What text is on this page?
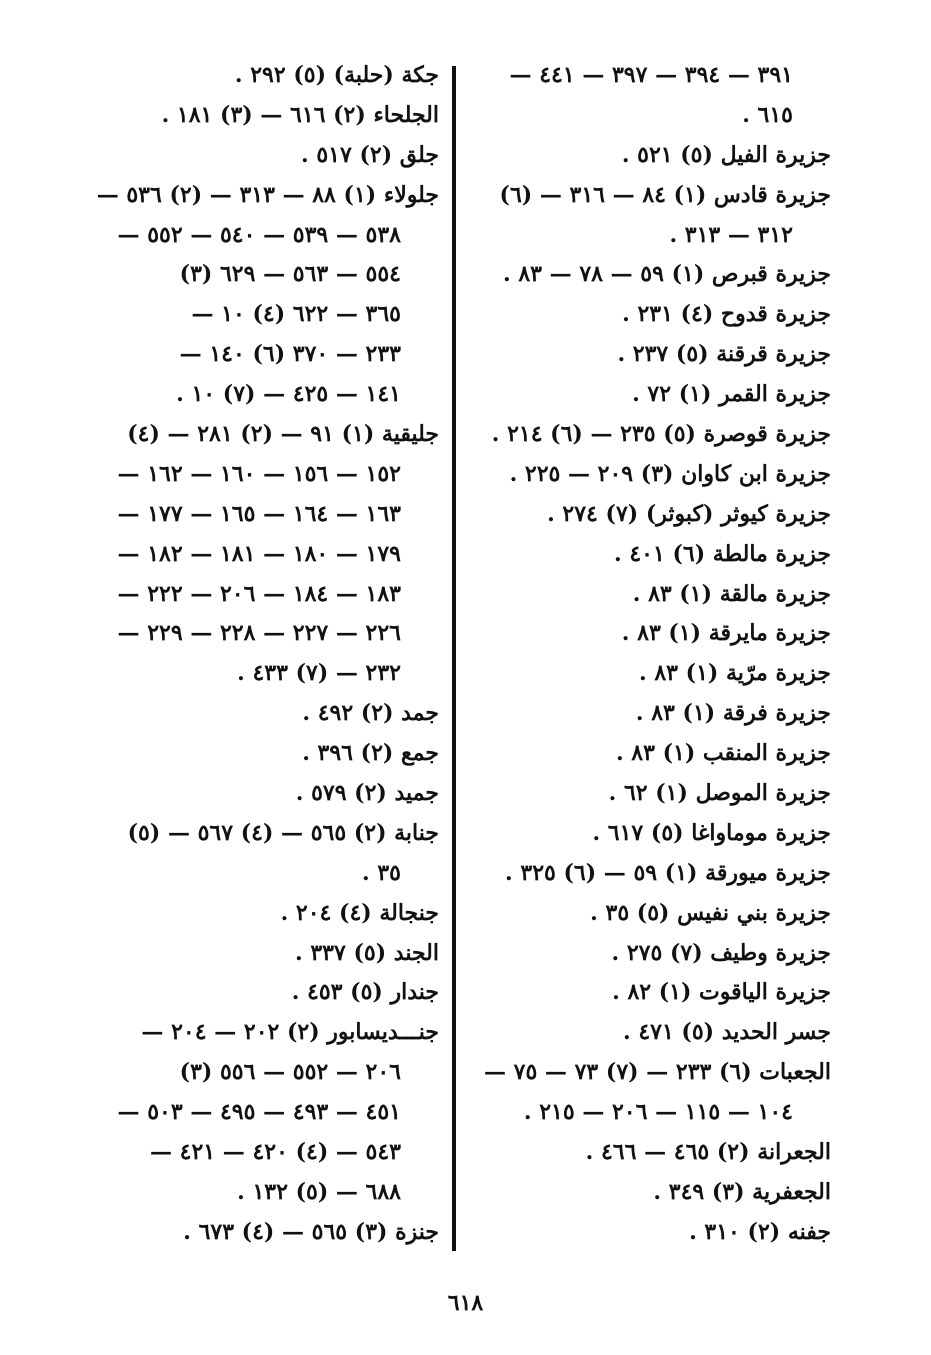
٣٩١ — ٣٩٤ — ٣٩٧ — ٤٤١ —
٦١٥ .
جزيرة الفيل (٥) ٥٢١ .
جزيرة قادس (١) ٨٤ — ٣١٦ — (٦)
٣١٢ — ٣١٣ .
جزيرة قبرص (١) ٥٩ — ٧٨ — ٨٣ .
جزيرة قدوح (٤) ٢٣١ .
جزيرة قرقنة (٥) ٢٣٧ .
جزيرة القمر (١) ٧٢ .
جزيرة قوصرة (٥) ٢٣٥ — (٦) ٢١٤ .
جزيرة ابن كاوان (٣) ٢٠٩ — ٢٢٥ .
جزيرة كيوثر (كبوثر) (٧) ٢٧٤ .
جزيرة مالطة (٦) ٤٠١ .
جزيرة مالقة (١) ٨٣ .
جزيرة مايرقة (١) ٨٣ .
جزيرة مرّية (١) ٨٣ .
جزيرة فرقة (١) ٨٣ .
جزيرة المنقب (١) ٨٣ .
جزيرة الموصل (١) ٦٢ .
جزيرة موماواغا (٥) ٦١٧ .
جزيرة ميورقة (١) ٥٩ — (٦) ٣٢٥ .
جزيرة بني نفيس (٥) ٣٥ .
جزيرة وطيف (٧) ٢٧٥ .
جزيرة الياقوت (١) ٨٢ .
جسر الحديد (٥) ٤٧١ .
الجعبات (٦) ٢٣٣ — (٧) ٧٣ — ٧٥ —
١٠٤ — ١١٥ — ٢٠٦ — ٢١٥ .
الجعرانة (٢) ٤٦٥ — ٤٦٦ .
الجعفرية (٣) ٣٤٩ .
جفنه (٢) ٣١٠ .
جكة (حلبة) (٥) ٢٩٢ .
الجلحاء (٢) ٦١٦ — (٣) ١٨١ .
جلق (٢) ٥١٧ .
جلولاء (١) ٨٨ — ٣١٣ — (٢) ٥٣٦ —
٥٣٨ — ٥٣٩ — ٥٤٠ — ٥٥٢ —
٥٥٤ — ٥٦٣ — ٦٢٩ (٣)
٣٦٥ — ٦٢٢ (٤) ١٠ —
٢٣٣ — ٣٧٠ (٦) ١٤٠ —
١٤١ — ٤٢٥ — (٧) ١٠ .
جليقية (١) ٩١ — (٢) ٢٨١ — (٤)
١٥٢ — ١٥٦ — ١٦٠ — ١٦٢ —
١٦٣ — ١٦٤ — ١٦٥ — ١٧٧ —
١٧٩ — ١٨٠ — ١٨١ — ١٨٢ —
١٨٣ — ١٨٤ — ٢٠٦ — ٢٢٢ —
٢٢٦ — ٢٢٧ — ٢٢٨ — ٢٢٩ —
٢٣٢ — (٧) ٤٣٣ .
جمد (٢) ٤٩٢ .
جمع (٢) ٣٩٦ .
جميد (٢) ٥٧٩ .
جنابة (٢) ٥٦٥ — (٤) ٥٦٧ — (٥)
٣٥ .
جنجالة (٤) ٢٠٤ .
الجند (٥) ٣٣٧ .
جندار (٥) ٤٥٣ .
جنـــديسابور (٢) ٢٠٢ — ٢٠٤ —
٢٠٦ — ٥٥٢ — ٥٥٦ (٣)
٤٥١ — ٤٩٣ — ٤٩٥ — ٥٠٣ —
٥٤٣ — (٤) ٤٢٠ — ٤٢١ —
٦٨٨ — (٥) ١٣٢ .
جنزة (٣) ٥٦٥ — (٤) ٦٧٣ .
٦١٨
